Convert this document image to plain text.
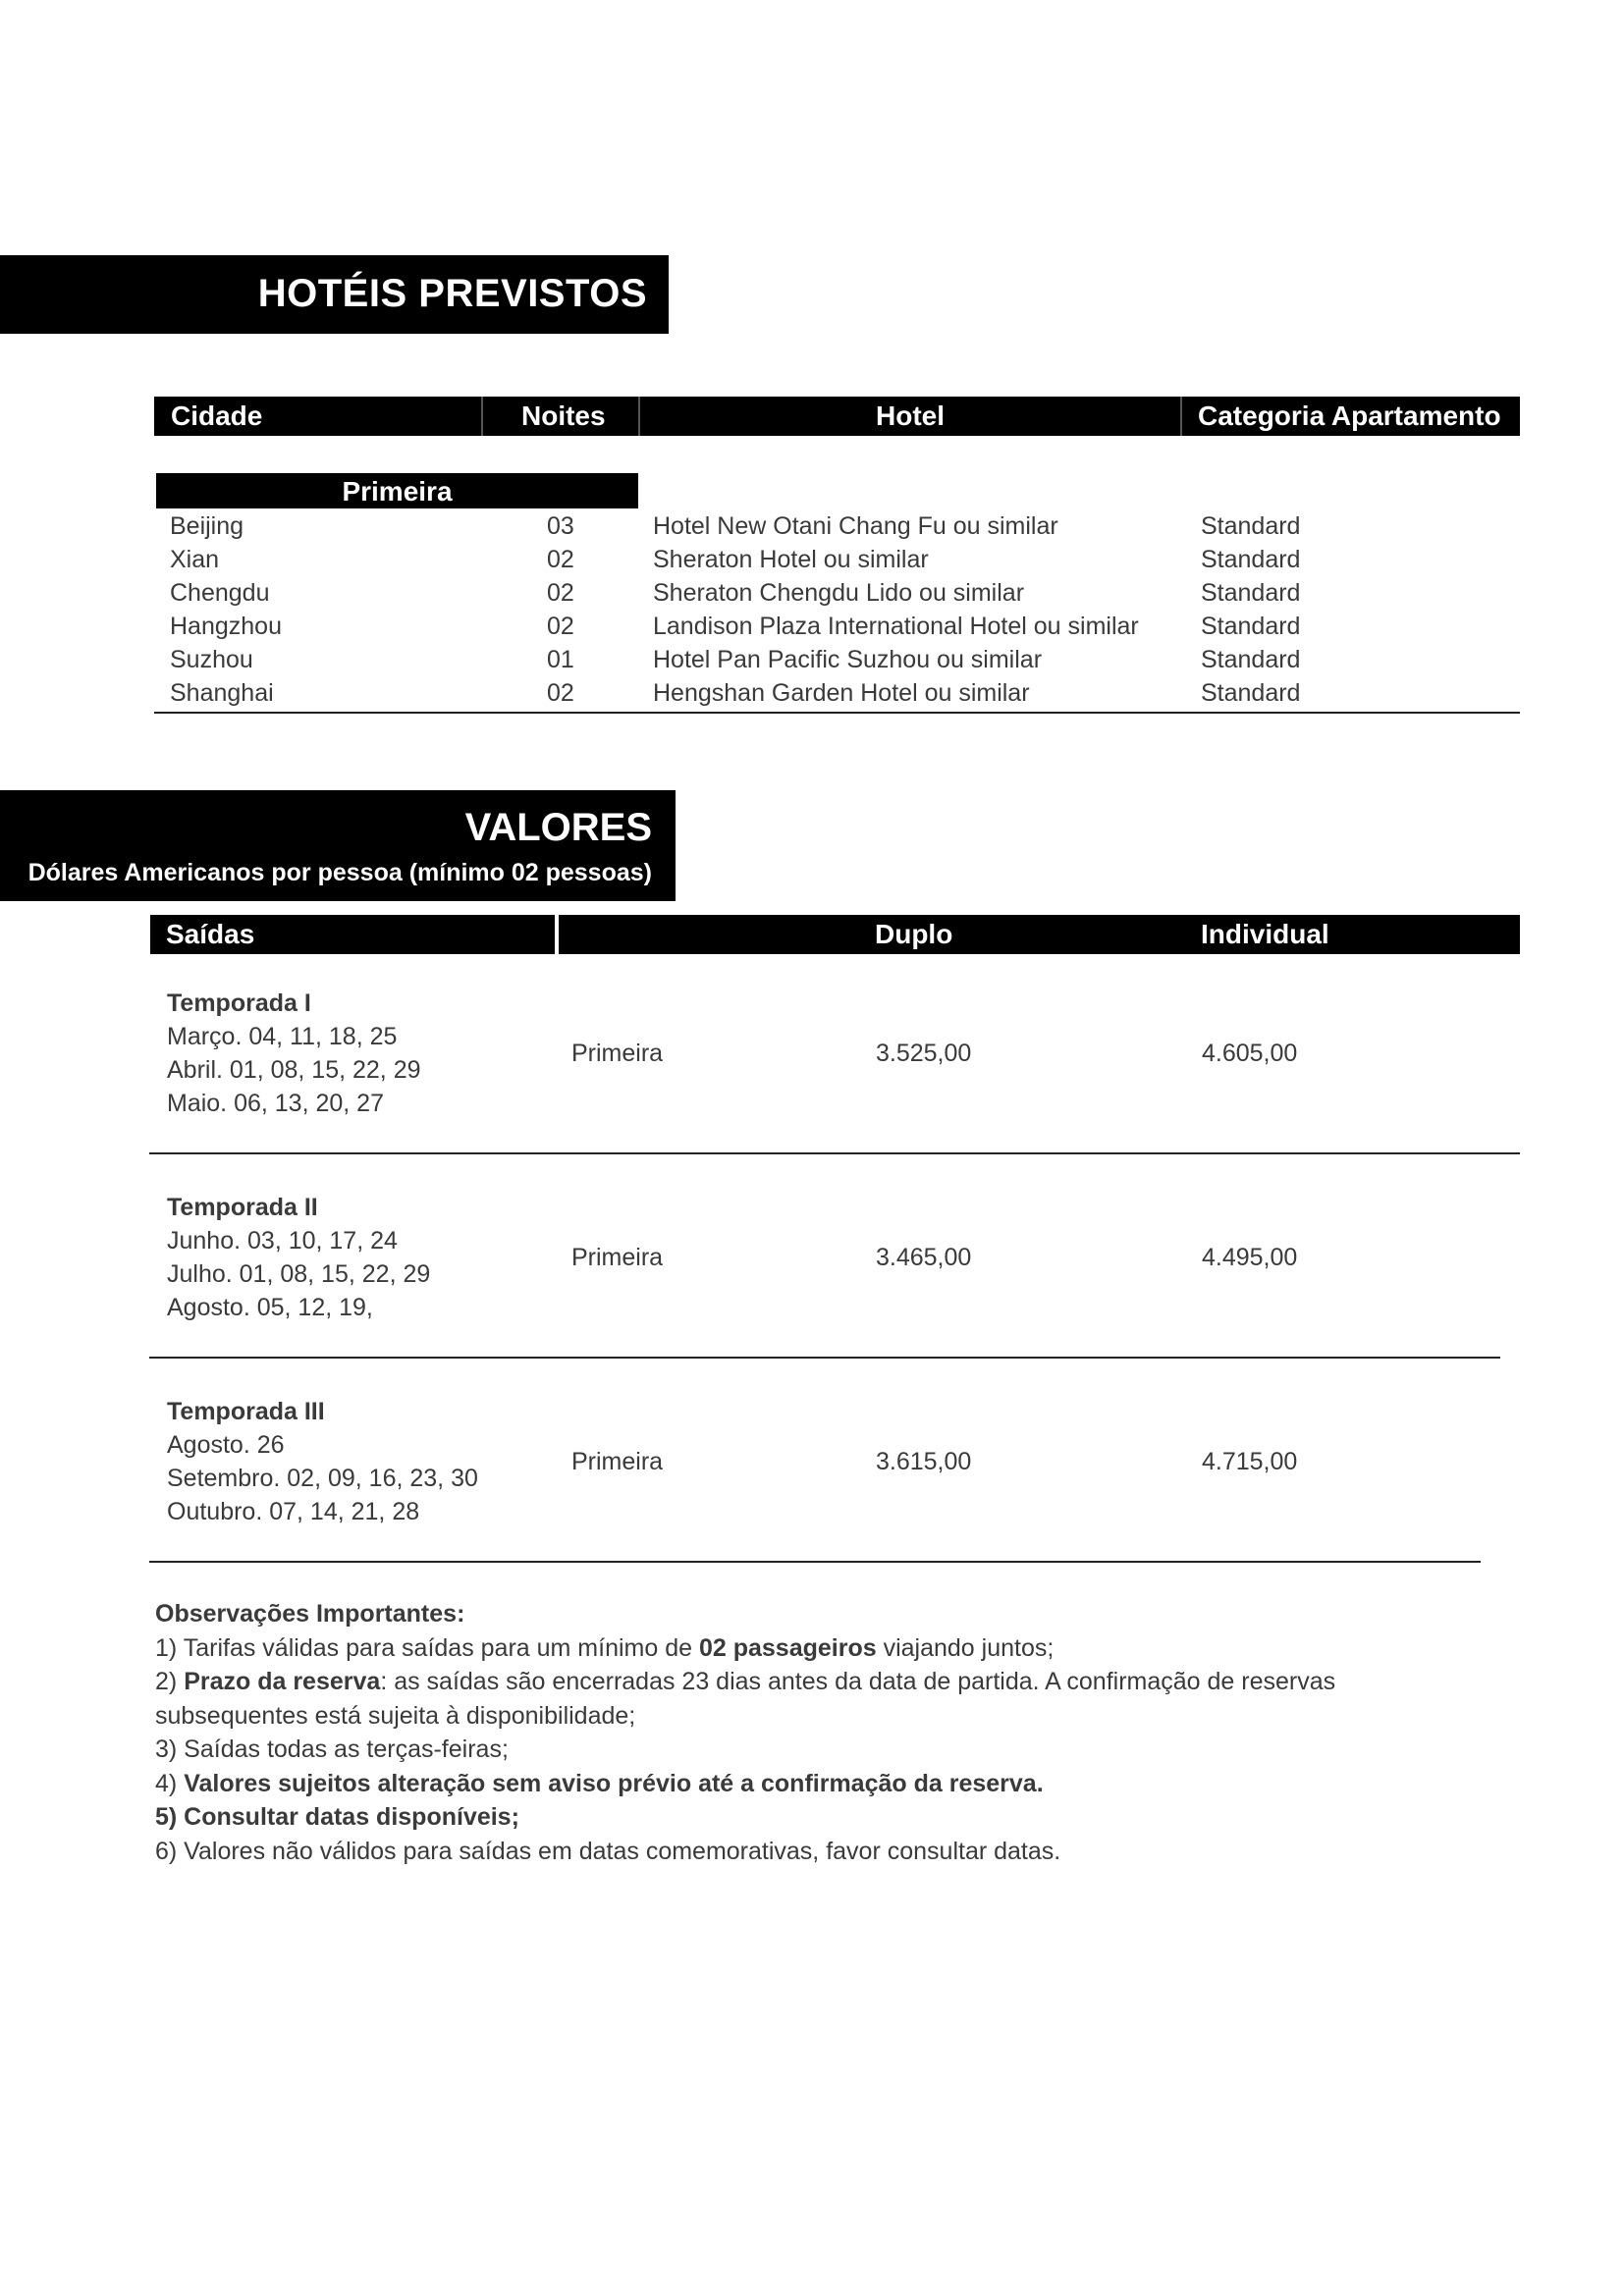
HOTÉIS PREVISTOS
Cidade	Noites	Hotel	Categoria Apartamento
Primeira
Beijing	03	Hotel New Otani Chang Fu ou similar	Standard
Xian	02	Sheraton Hotel ou similar	Standard
Chengdu	02	Sheraton Chengdu Lido ou similar	Standard
Hangzhou	02	Landison Plaza International Hotel ou similar	Standard
Suzhou	01	Hotel Pan Pacific Suzhou ou similar	Standard
Shanghai	02	Hengshan Garden Hotel ou similar	Standard
VALORES
Dólares Americanos por pessoa (mínimo 02 pessoas)
Saídas	Duplo	Individual
Temporada I
Março. 04, 11, 18, 25
Abril. 01, 08, 15, 22, 29
Maio. 06, 13, 20, 27
Primeira	3.525,00	4.605,00
Temporada II
Junho. 03, 10, 17, 24
Julho. 01, 08, 15, 22, 29
Agosto. 05, 12, 19,
Primeira	3.465,00	4.495,00
Temporada III
Agosto. 26
Setembro. 02, 09, 16, 23, 30
Outubro. 07, 14, 21, 28
Primeira	3.615,00	4.715,00

Observações Importantes:

1) Tarifas válidas para saídas para um mínimo de 02 passageiros viajando juntos;

2) Prazo da reserva: as saídas são encerradas 23 dias antes da data de partida. A confirmação de reservas

subsequentes está sujeita à disponibilidade;

3) Saídas todas as terças-feiras;

4) Valores sujeitos alteração sem aviso prévio até a confirmação da reserva.

5) Consultar datas disponíveis;

6) Valores não válidos para saídas em datas comemorativas, favor consultar datas.
